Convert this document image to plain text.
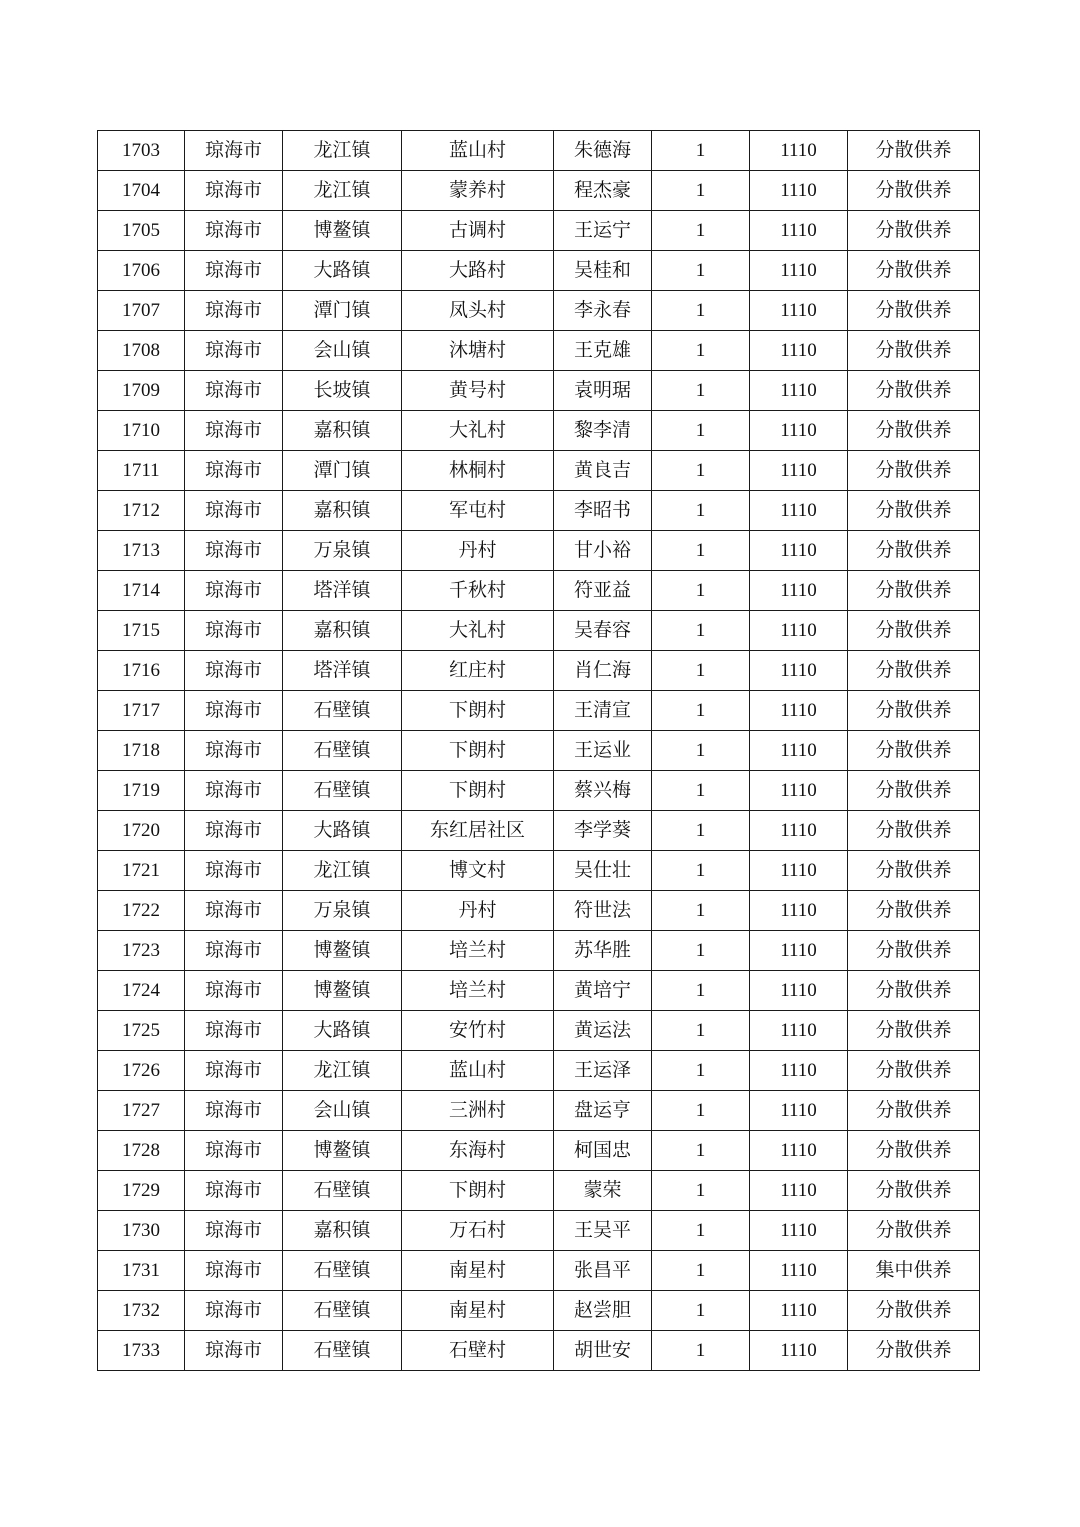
1703	琼海市	龙江镇	蓝山村	朱德海	1	1110	分散供养
1704	琼海市	龙江镇	蒙养村	程杰豪	1	1110	分散供养
1705	琼海市	博鳌镇	古调村	王运宁	1	1110	分散供养
1706	琼海市	大路镇	大路村	吴桂和	1	1110	分散供养
1707	琼海市	潭门镇	凤头村	李永春	1	1110	分散供养
1708	琼海市	会山镇	沐塘村	王克雄	1	1110	分散供养
1709	琼海市	长坡镇	黄号村	袁明琚	1	1110	分散供养
1710	琼海市	嘉积镇	大礼村	黎李清	1	1110	分散供养
1711	琼海市	潭门镇	林桐村	黄良吉	1	1110	分散供养
1712	琼海市	嘉积镇	军屯村	李昭书	1	1110	分散供养
1713	琼海市	万泉镇	丹村	甘小裕	1	1110	分散供养
1714	琼海市	塔洋镇	千秋村	符亚益	1	1110	分散供养
1715	琼海市	嘉积镇	大礼村	吴春容	1	1110	分散供养
1716	琼海市	塔洋镇	红庄村	肖仁海	1	1110	分散供养
1717	琼海市	石壁镇	下朗村	王清宣	1	1110	分散供养
1718	琼海市	石壁镇	下朗村	王运业	1	1110	分散供养
1719	琼海市	石壁镇	下朗村	蔡兴梅	1	1110	分散供养
1720	琼海市	大路镇	东红居社区	李学葵	1	1110	分散供养
1721	琼海市	龙江镇	博文村	吴仕壮	1	1110	分散供养
1722	琼海市	万泉镇	丹村	符世法	1	1110	分散供养
1723	琼海市	博鳌镇	培兰村	苏华胜	1	1110	分散供养
1724	琼海市	博鳌镇	培兰村	黄培宁	1	1110	分散供养
1725	琼海市	大路镇	安竹村	黄运法	1	1110	分散供养
1726	琼海市	龙江镇	蓝山村	王运泽	1	1110	分散供养
1727	琼海市	会山镇	三洲村	盘运亨	1	1110	分散供养
1728	琼海市	博鳌镇	东海村	柯国忠	1	1110	分散供养
1729	琼海市	石壁镇	下朗村	蒙荣	1	1110	分散供养
1730	琼海市	嘉积镇	万石村	王吴平	1	1110	分散供养
1731	琼海市	石壁镇	南星村	张昌平	1	1110	集中供养
1732	琼海市	石壁镇	南星村	赵尝胆	1	1110	分散供养
1733	琼海市	石壁镇	石壁村	胡世安	1	1110	分散供养
